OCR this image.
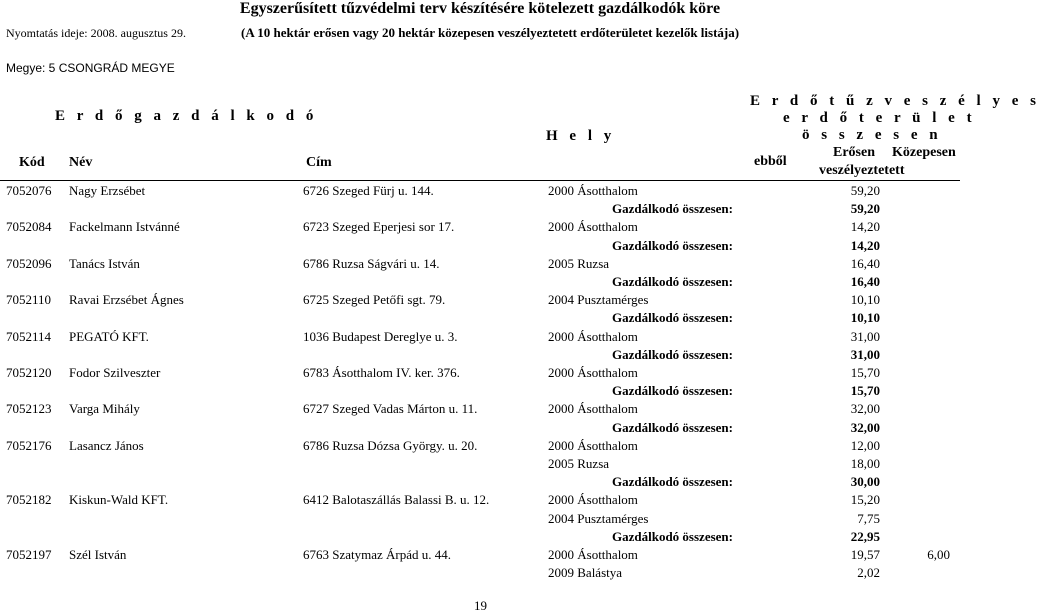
Egyszerűsített tűzvédelmi terv készítésére kötelezett gazdálkodók köre
Nyomtatás ideje: 2008. augusztus 29.	(A 10 hektár erősen vagy 20 hektár közepesen veszélyeztetett erdőterületet kezelők listája)
Megye: 5 CSONGRÁD MEGYE
E r d ő g a z d á l k o d ó
H e l y
E r d ő t ű z v e s z é l y e s
e r d ő t e r ü l e t
ö s s z e s e n
Kód Név	Cím	ebből
Erősen Közepesen
veszélyeztetett
7052076 Nagy Erzsébet	6726 Szeged Fürj u. 144.	2000 Ásotthalom	59,20
Gazdálkodó összesen:	59,20
7052084 Fackelmann Istvánné	6723 Szeged Eperjesi sor 17.	2000 Ásotthalom	14,20
Gazdálkodó összesen:	14,20
7052096 Tanács István	6786 Ruzsa Ságvári u. 14.	2005 Ruzsa	16,40
Gazdálkodó összesen:	16,40
7052110 Ravai Erzsébet Ágnes	6725 Szeged Petőfi sgt. 79.	2004 Pusztamérges	10,10
Gazdálkodó összesen:	10,10
7052114 PEGATÓ KFT.	1036 Budapest Dereglye u. 3.	2000 Ásotthalom	31,00
Gazdálkodó összesen:	31,00
7052120 Fodor Szilveszter	6783 Ásotthalom IV. ker. 376.	2000 Ásotthalom	15,70
Gazdálkodó összesen:	15,70
7052123 Varga Mihály	6727 Szeged Vadas Márton u. 11.	2000 Ásotthalom	32,00
Gazdálkodó összesen:	32,00
7052176 Lasancz János	6786 Ruzsa Dózsa György. u. 20.	2000 Ásotthalom	12,00
2005 Ruzsa	18,00
Gazdálkodó összesen:	30,00
7052182 Kiskun-Wald KFT.	6412 Balotaszállás Balassi B. u. 12.	2000 Ásotthalom	15,20
2004 Pusztamérges	7,75
Gazdálkodó összesen:	22,95
7052197 Szél István	6763 Szatymaz Árpád u. 44.	2000 Ásotthalom	19,57	6,00
2009 Balástya	2,02
19
